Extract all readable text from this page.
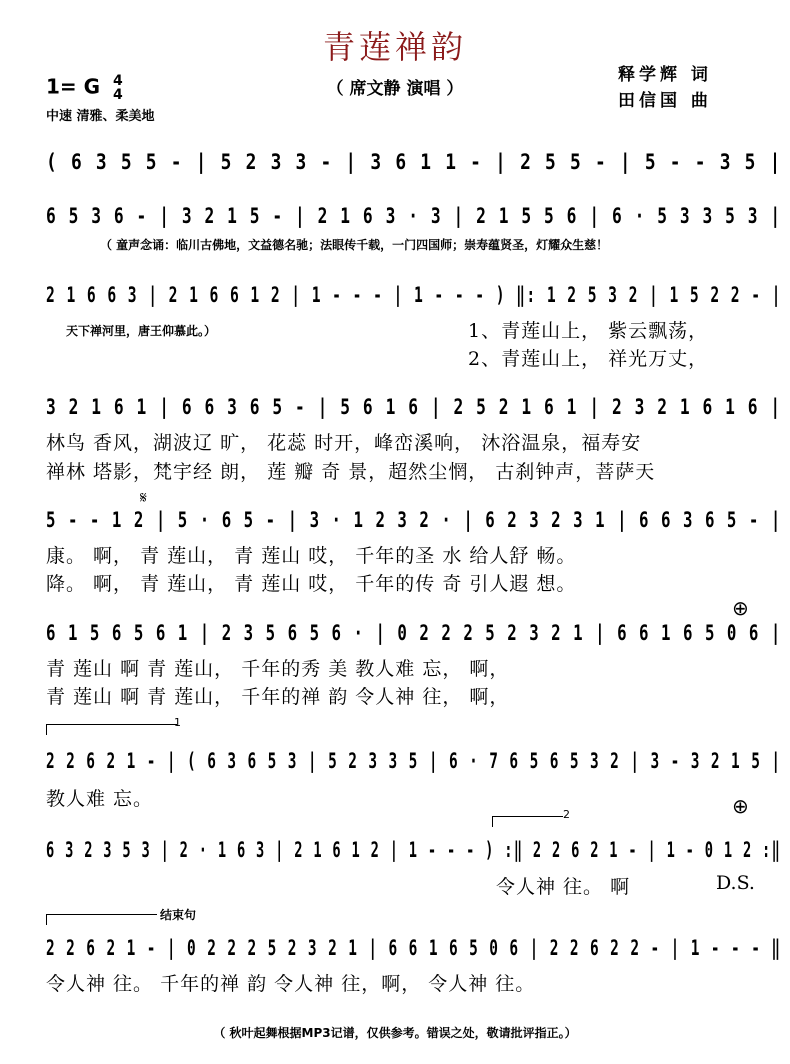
青莲禅韵
（ 席文静 演唱 ）
释学辉 词
田信国 曲
1= G 4
4
中速 清雅、柔美地
( 6 3 5 5 - | 5 2 3 3 - | 3 6 1 1 - | 2 5 5 - | 5 - - 3 5 |
6 5 3 6 - | 3 2 1 5 - | 2 1 6 3 · 3 | 2 1 5 5 6 | 6 · 5 3 3 5 3 |
（ 童声念诵：临川古佛地，文益德名驰；法眼传千载，一门四国师；崇寿蕴贤圣，灯耀众生慈！
2 1 6 6 3 | 2 1 6 6 1 2 | 1 - - - | 1 - - - ) ‖: 1 2 5 3 2 | 1 5 2 2 - |
天下禅河里，唐王仰慕此。）	1、青莲山上， 紫云飘荡，
2、青莲山上， 祥光万丈，
3 2 1 6 1 | 6 6 3 6 5 - | 5 6 1 6 | 2 5 2 1 6 1 | 2 3 2 1 6 1 6 |
林鸟 香风，湖波辽 旷， 花蕊 时开，峰峦溪响， 沐浴温泉，福寿安
禅林 塔影，梵宇经 朗， 莲 瓣 奇 景，超然尘惘， 古刹钟声，菩萨天
𝄋
5 - - 1 2 | 5 · 6 5 - | 3 · 1 2 3 2 · | 6 2 3 2 3 1 | 6 6 3 6 5 - |
康。 啊， 青 莲山， 青 莲山 哎， 千年的圣 水 给人舒 畅。
降。 啊， 青 莲山， 青 莲山 哎， 千年的传 奇 引人遐 想。
⊕
6 1 5 6 5 6 1 | 2 3 5 6 5 6 · | 0 2 2 2 5 2 3 2 1 | 6 6 1 6 5 0 6 |
青 莲山 啊 青 莲山， 千年的秀 美 教人难 忘， 啊，
青 莲山 啊 青 莲山， 千年的禅 韵 令人神 往， 啊，
1
2 2 6 2 1 - | ( 6 3 6 5 3 | 5 2 3 3 5 | 6 · 7 6 5 6 5 3 2 | 3 - 3 2 1 5 |
教人难 忘。	⊕
2
6 3 2 3 5 3 | 2 · 1 6 3 | 2 1 6 1 2 | 1 - - - ) :‖ 2 2 6 2 1 - | 1 - 0 1 2 :‖
令人神 往。 啊	D.S.
结束句
2 2 6 2 1 - | 0 2 2 2 5 2 3 2 1 | 6 6 1 6 5 0 6 | 2 2 6 2 2 - | 1 - - - ‖
令人神 往。 千年的禅 韵 令人神 往，啊， 令人神 往。
（ 秋叶起舞根据MP3记谱，仅供参考。错误之处，敬请批评指正。）
